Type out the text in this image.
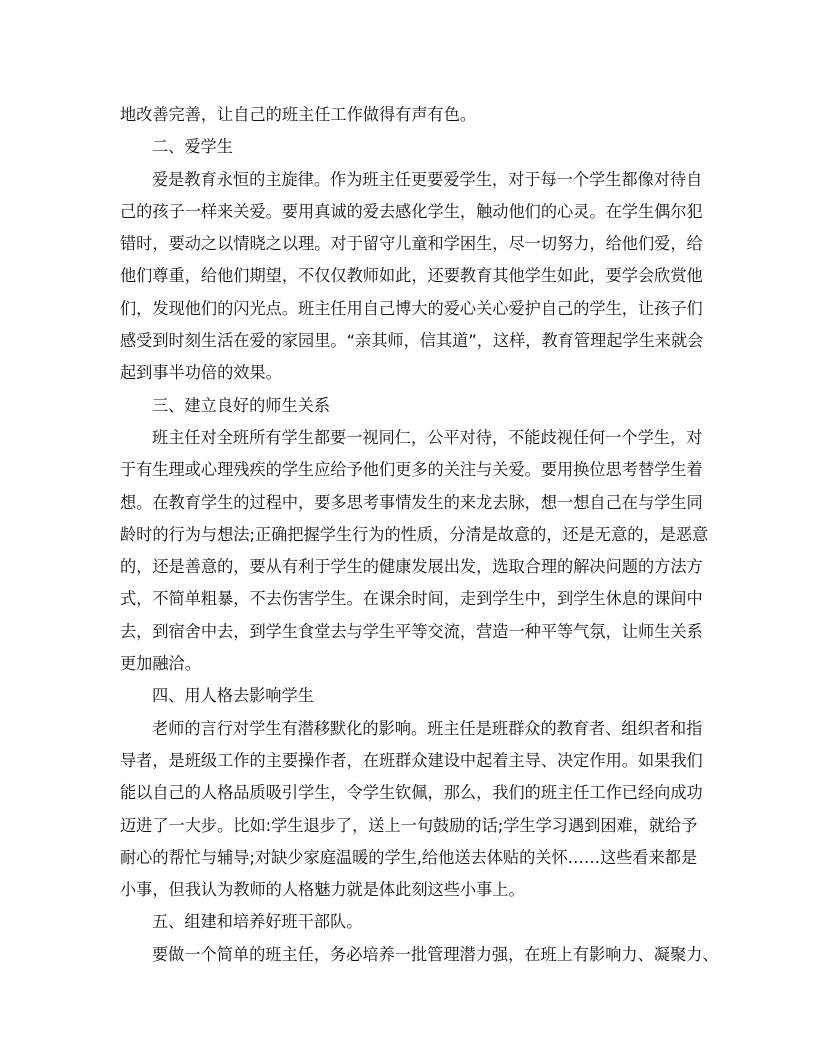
地改善完善，让自己的班主任工作做得有声有色。
二、爱学生
爱是教育永恒的主旋律。作为班主任更要爱学生，对于每一个学生都像对待自
己的孩子一样来关爱。要用真诚的爱去感化学生，触动他们的心灵。在学生偶尔犯
错时，要动之以情晓之以理。对于留守儿童和学困生，尽一切努力，给他们爱，给
他们尊重，给他们期望，不仅仅教师如此，还要教育其他学生如此，要学会欣赏他
们，发现他们的闪光点。班主任用自己博大的爱心关心爱护自己的学生，让孩子们
感受到时刻生活在爱的家园里。“亲其师，信其道”，这样，教育管理起学生来就会
起到事半功倍的效果。
三、建立良好的师生关系
班主任对全班所有学生都要一视同仁，公平对待，不能歧视任何一个学生，对
于有生理或心理残疾的学生应给予他们更多的关注与关爱。要用换位思考替学生着
想。在教育学生的过程中，要多思考事情发生的来龙去脉，想一想自己在与学生同
龄时的行为与想法;正确把握学生行为的性质，分清是故意的，还是无意的，是恶意
的，还是善意的，要从有利于学生的健康发展出发，选取合理的解决问题的方法方
式，不简单粗暴，不去伤害学生。在课余时间，走到学生中，到学生休息的课间中
去，到宿舍中去，到学生食堂去与学生平等交流，营造一种平等气氛，让师生关系
更加融洽。
四、用人格去影响学生
老师的言行对学生有潜移默化的影响。班主任是班群众的教育者、组织者和指
导者，是班级工作的主要操作者，在班群众建设中起着主导、决定作用。如果我们
能以自己的人格品质吸引学生，令学生钦佩，那么，我们的班主任工作已经向成功
迈进了一大步。比如:学生退步了，送上一句鼓励的话;学生学习遇到困难，就给予
耐心的帮忙与辅导;对缺少家庭温暖的学生,给他送去体贴的关怀……这些看来都是
小事，但我认为教师的人格魅力就是体此刻这些小事上。
五、组建和培养好班干部队。
要做一个简单的班主任，务必培养一批管理潜力强，在班上有影响力、凝聚力、
